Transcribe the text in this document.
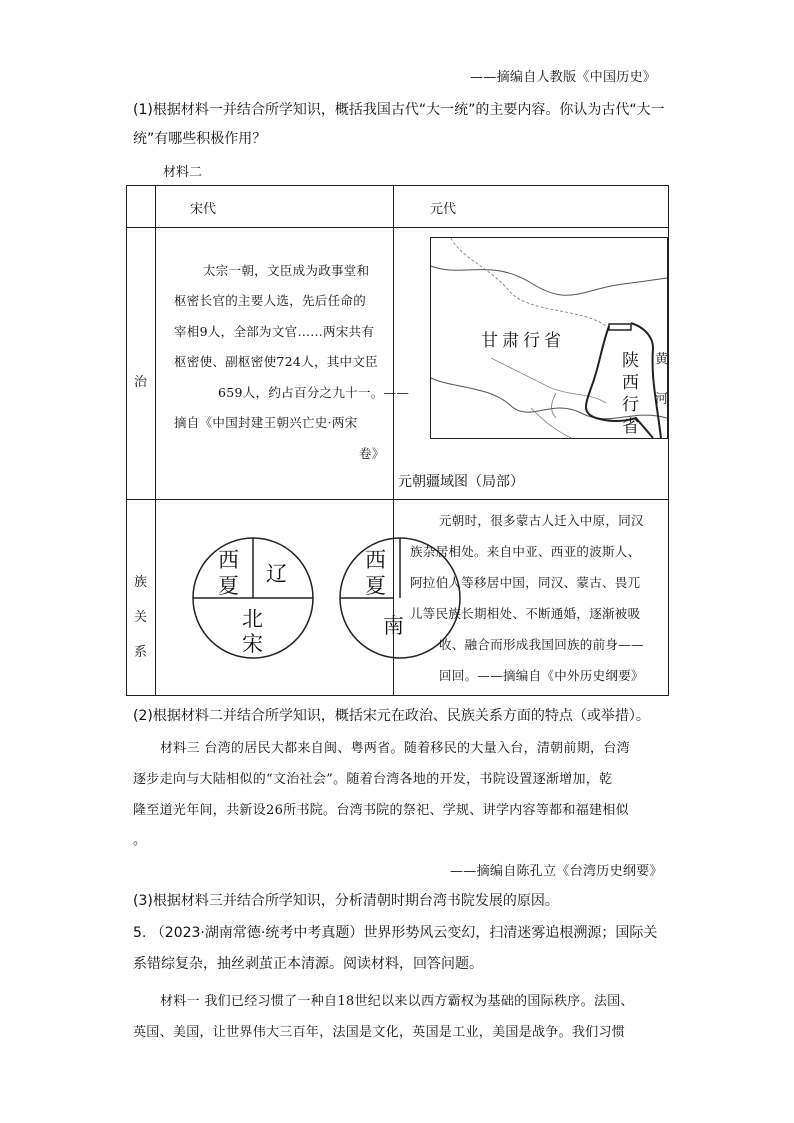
——摘编自人教版《中国历史》
(1)根据材料一并结合所学知识，概括我国古代“大一统”的主要内容。你认为古代“大一
统”有哪些积极作用？
材料二
宋代	元代
治
族
关
系
太宗一朝，文臣成为政事堂和
枢密长官的主要人选，先后任命的
宰相9人，全部为文官……两宋共有
枢密使、副枢密使724人，其中文臣
659人，约占百分之九十一。——
摘自《中国封建王朝兴亡史·两宋
卷》
甘肃行省
陕
西
行
省
黄
河
元朝疆域图（局部）
西
夏 辽
北
宋
西
夏
南
元朝时，很多蒙古人迁入中原，同汉
族杂居相处。来自中亚、西亚的波斯人、
阿拉伯人等移居中国，同汉、蒙古、畏兀
儿等民族长期相处、不断通婚，逐渐被吸
收、融合而形成我国回族的前身——
回回。——摘编自《中外历史纲要》
(2)根据材料二并结合所学知识，概括宋元在政治、民族关系方面的特点（或举措）。
材料三 台湾的居民大都来自闽、粤两省。随着移民的大量入台，清朝前期，台湾
逐步走向与大陆相似的“文治社会”。随着台湾各地的开发，书院设置逐渐增加，乾
隆至道光年间，共新设26所书院。台湾书院的祭祀、学规、讲学内容等都和福建相似
。
——摘编自陈孔立《台湾历史纲要》
(3)根据材料三并结合所学知识，分析清朝时期台湾书院发展的原因。
5. （2023·湖南常德·统考中考真题）世界形势风云变幻，扫清迷雾追根溯源；国际关
系错综复杂，抽丝剥茧正本清源。阅读材料，回答问题。
材料一 我们已经习惯了一种自18世纪以来以西方霸权为基础的国际秩序。法国、
英国、美国，让世界伟大三百年，法国是文化，英国是工业，美国是战争。我们习惯
